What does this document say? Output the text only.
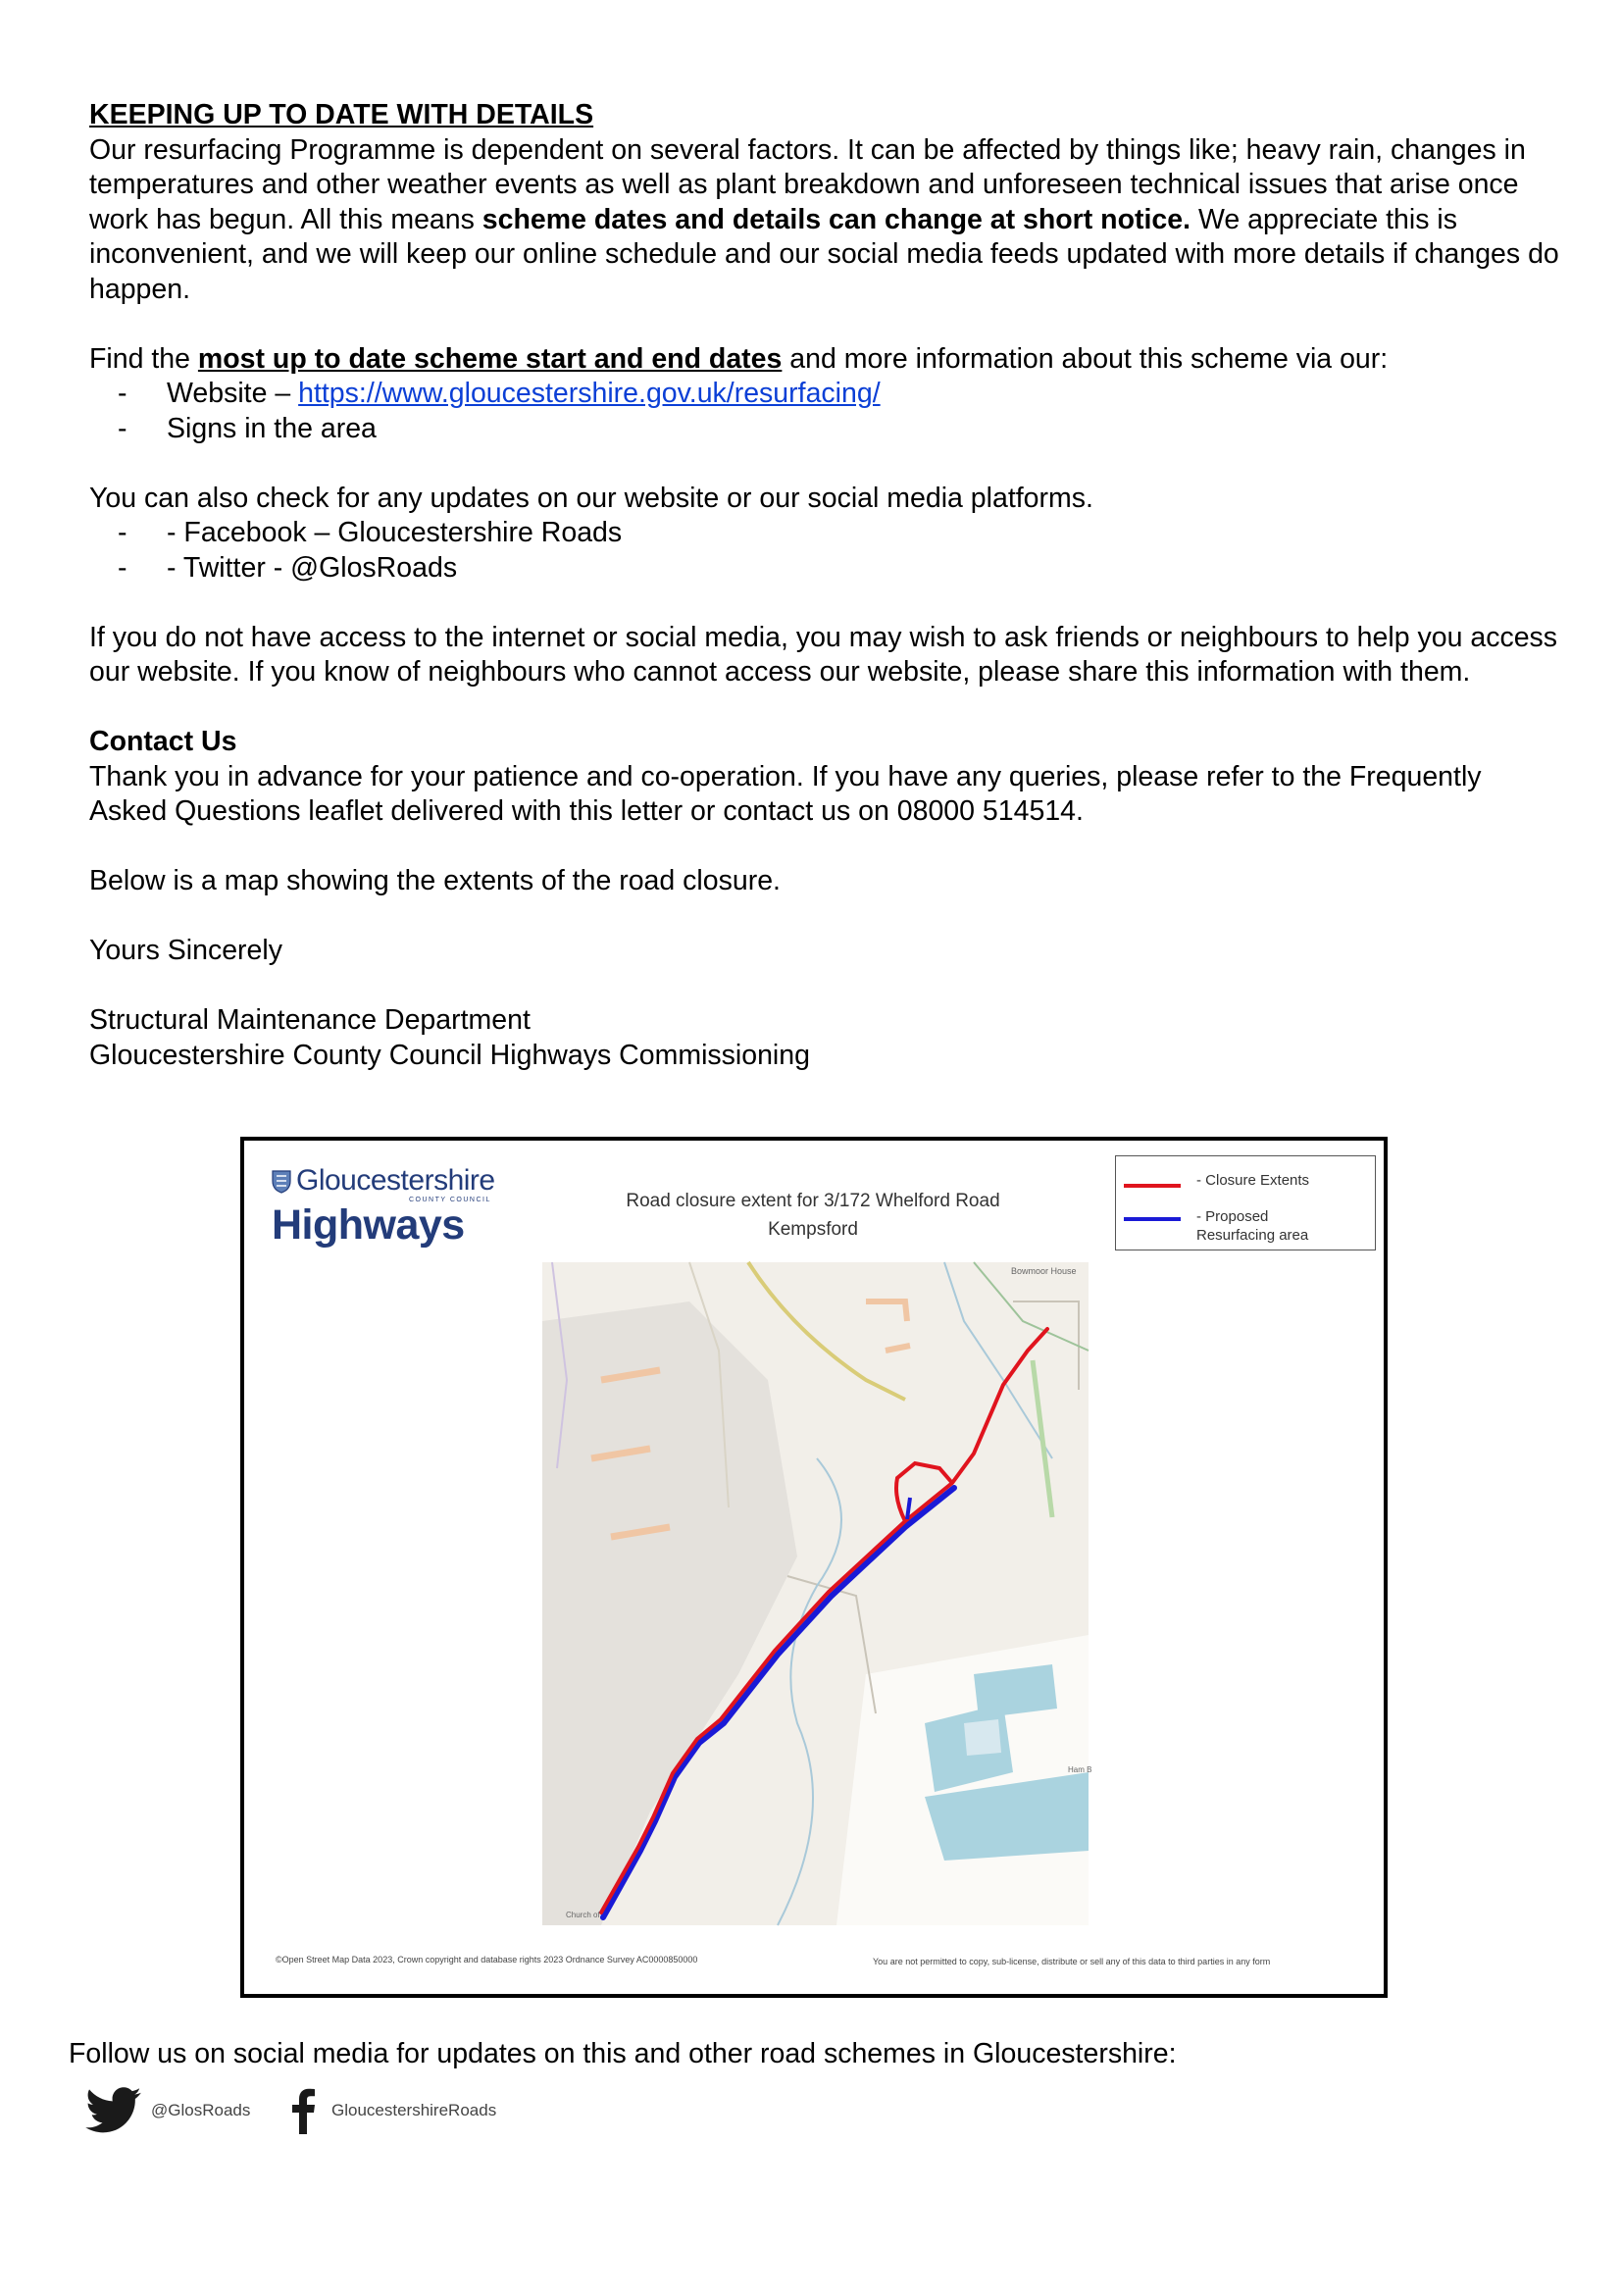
KEEPING UP TO DATE WITH DETAILS

Our resurfacing Programme is dependent on several factors. It can be affected by things like; heavy rain, changes in temperatures and other weather events as well as plant breakdown and unforeseen technical issues that arise once work has begun. All this means scheme dates and details can change at short notice. We appreciate this is inconvenient, and we will keep our online schedule and our social media feeds updated with more details if changes do happen.

Find the most up to date scheme start and end dates and more information about this scheme via our:

- Website – https://www.gloucestershire.gov.uk/resurfacing/

- Signs in the area

You can also check for any updates on our website or our social media platforms.

- - Facebook – Gloucestershire Roads

- - Twitter - @GlosRoads

If you do not have access to the internet or social media, you may wish to ask friends or neighbours to help you access our website. If you know of neighbours who cannot access our website, please share this information with them.

Contact Us

Thank you in advance for your patience and co-operation. If you have any queries, please refer to the Frequently Asked Questions leaflet delivered with this letter or contact us on 08000 514514.

Below is a map showing the extents of the road closure.

Yours Sincerely

Structural Maintenance Department

Gloucestershire County Council Highways Commissioning

Gloucestershire
COUNTY COUNCIL
Highways
Road closure extent for 3/172 Whelford Road
Kempsford
- Closure Extents
- Proposed
Resurfacing area
Bowmoor House
Church of
Ham B
©Open Street Map Data 2023, Crown copyright and database rights 2023 Ordnance Survey AC0000850000	You are not permitted to copy, sub-license, distribute or sell any of this data to third parties in any form
Follow us on social media for updates on this and other road schemes in Gloucestershire:
@GlosRoads	GloucestershireRoads
